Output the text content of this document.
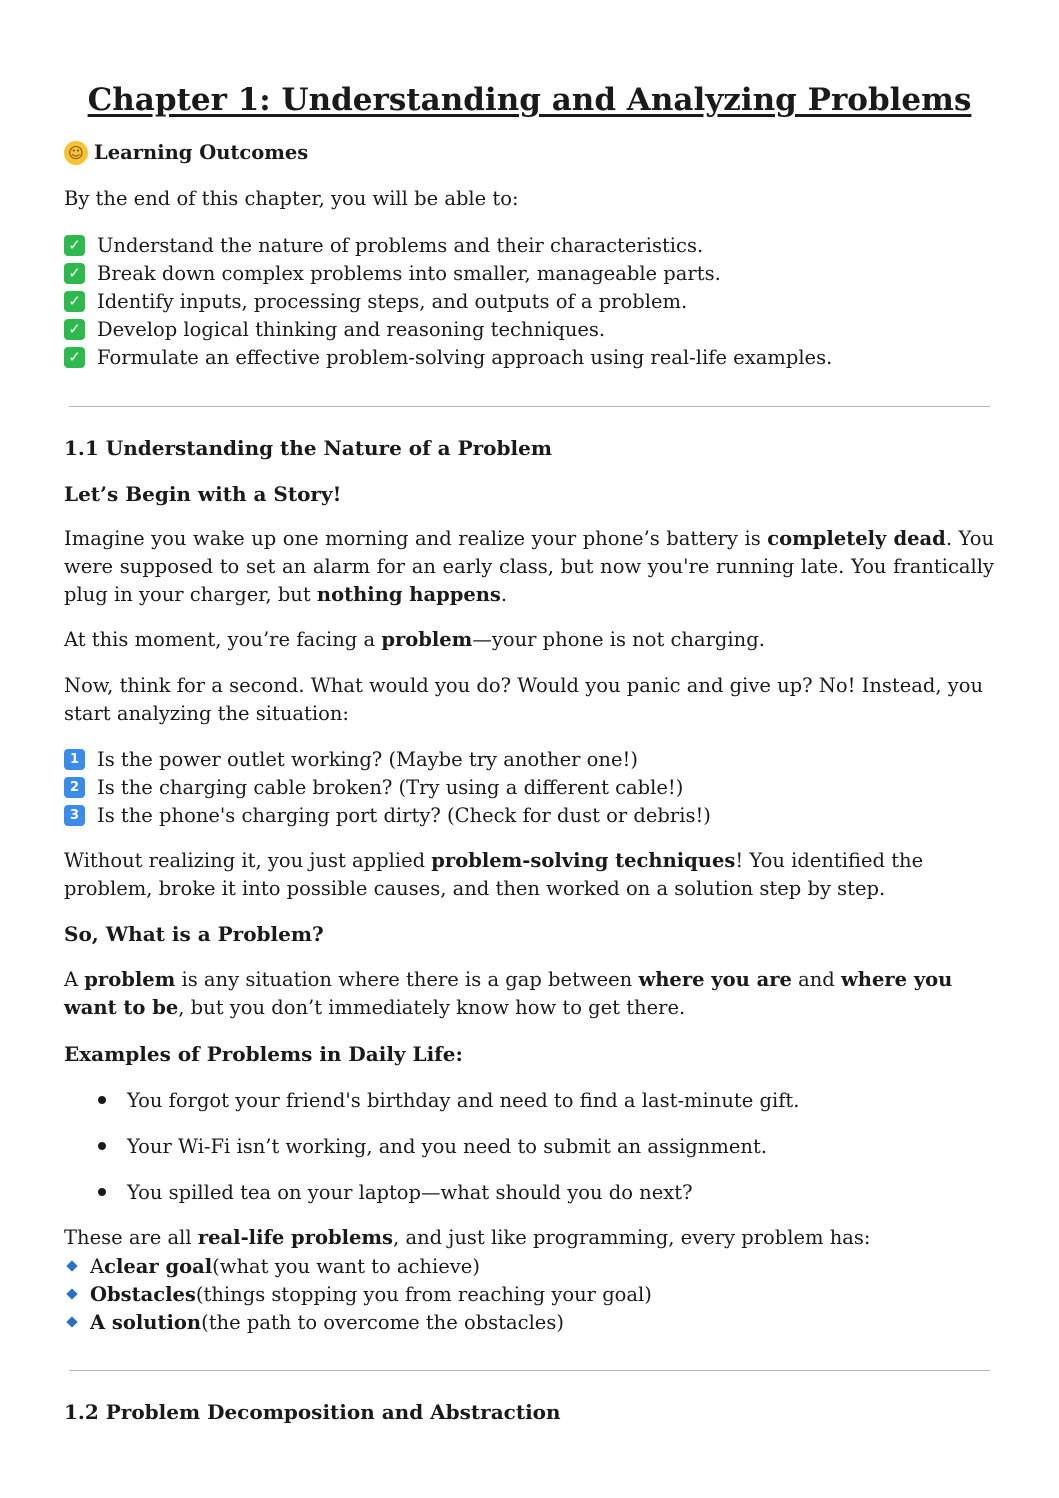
Chapter 1: Understanding and Analyzing Problems
☺ Learning Outcomes

By the end of this chapter, you will be able to:

✓ Understand the nature of problems and their characteristics.
✓ Break down complex problems into smaller, manageable parts.
✓ Identify inputs, processing steps, and outputs of a problem.
✓ Develop logical thinking and reasoning techniques.
✓ Formulate an effective problem-solving approach using real-life examples.
1.1 Understanding the Nature of a Problem
Let’s Begin with a Story!

Imagine you wake up one morning and realize your phone’s battery is completely dead. You were supposed to set an alarm for an early class, but now you're running late. You frantically plug in your charger, but nothing happens.

At this moment, you’re facing a problem—your phone is not charging.

Now, think for a second. What would you do? Would you panic and give up? No! Instead, you start analyzing the situation:

1 Is the power outlet working? (Maybe try another one!)
2 Is the charging cable broken? (Try using a different cable!)
3 Is the phone's charging port dirty? (Check for dust or debris!)

Without realizing it, you just applied problem-solving techniques! You identified the problem, broke it into possible causes, and then worked on a solution step by step.

So, What is a Problem?

A problem is any situation where there is a gap between where you are and where you want to be, but you don’t immediately know how to get there.

Examples of Problems in Daily Life:
You forgot your friend's birthday and need to find a last-minute gift.
Your Wi-Fi isn’t working, and you need to submit an assignment.
You spilled tea on your laptop—what should you do next?

These are all real-life problems, and just like programming, every problem has:

A clear goal (what you want to achieve)
Obstacles (things stopping you from reaching your goal)
A solution (the path to overcome the obstacles)
1.2 Problem Decomposition and Abstraction
